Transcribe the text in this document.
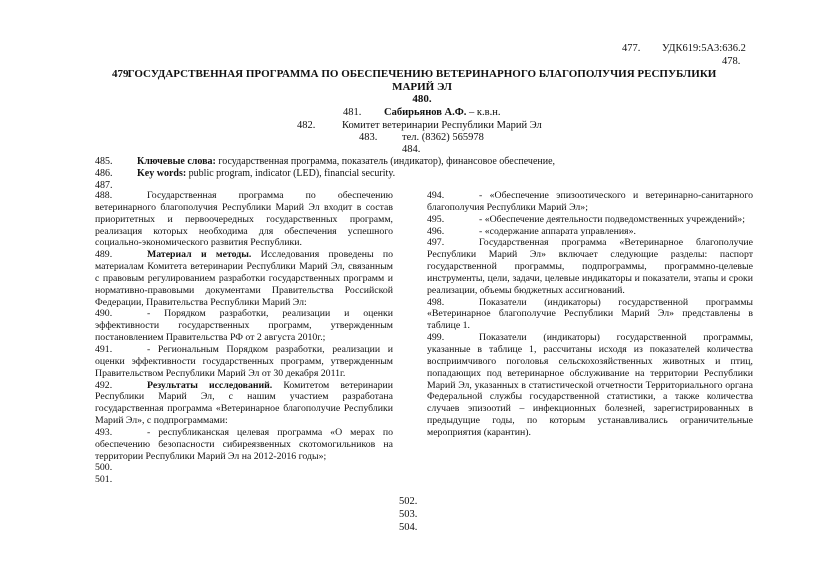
477. УДК619:5А3:636.2
478.
479.
ГОСУДАРСТВЕННАЯ ПРОГРАММА ПО ОБЕСПЕЧЕНИЮ ВЕТЕРИНАРНОГО БЛАГОПОЛУЧИЯ РЕСПУБЛИКИ
МАРИЙ ЭЛ
480.
481. Сабирьянов А.Ф. – к.в.н.
482.	Комитет ветеринарии Республики Марий Эл
483. тел. (8362) 565978
484.
485. Ключевые слова: государственная программа, показатель (индикатор), финансовое обеспечение,
486. Key words: public program, indicator (LED), financial security.
487.

488.	Государственная программа по обеспечению ветеринарного благополучия Республики Марий Эл входит в состав приоритетных и первоочередных государственных программ, реализация которых необходима для обеспечения успешного социально-экономического развития Республики.

489.	Материал и методы. Исследования проведены по материалам Комитета ветеринарии Республики Марий Эл, связанным с правовым регулированием разработки государственных программ и нормативно-правовыми документами Правительства Российской Федерации, Правительства Республики Марий Эл:

490.	- Порядком разработки, реализации и оценки эффективности государственных программ, утвержденным постановлением Правительства РФ от 2 августа 2010г.;

491.	- Региональным Порядком разработки, реализации и оценки эффективности государственных программ, утвержденным Правительством Республики Марий Эл от 30 декабря 2011г.

492.	Результаты исследований. Комитетом ветеринарии Республики Марий Эл, с нашим участием разработана государственная программа «Ветеринарное благополучие Республики Марий Эл», с подпрограммами:

493.	- республиканская целевая программа «О мерах по обеспечению безопасности сибиреязвенных скотомогильников на территории Республики Марий Эл на 2012-2016 годы»;

500.

501.

494.	- «Обеспечение эпизоотического и ветеринарно-санитарного благополучия Республики Марий Эл»;

495.	- «Обеспечение деятельности подведомственных учреждений»;

496.	- «содержание аппарата управления».

497.	Государственная программа «Ветеринарное благополучие Республики Марий Эл» включает следующие разделы: паспорт государственной программы, подпрограммы, программно-целевые инструменты, цели, задачи, целевые индикаторы и показатели, этапы и сроки реализации, объемы бюджетных ассигнований.

498.	Показатели (индикаторы) государственной программы «Ветеринарное благополучие Республики Марий Эл» представлены в таблице 1.

499.	Показатели (индикаторы) государственной программы, указанные в таблице 1, рассчитаны исходя из показателей количества восприимчивого поголовья сельскохозяйственных животных и птиц, попадающих под ветеринарное обслуживание на территории Республики Марий Эл, указанных в статистической отчетности Территориального органа Федеральной службы государственной статистики, а также количества случаев эпизоотий – инфекционных болезней, зарегистрированных в предыдущие годы, по которым устанавливались ограничительные мероприятия (карантин).

502.
503.
504.
